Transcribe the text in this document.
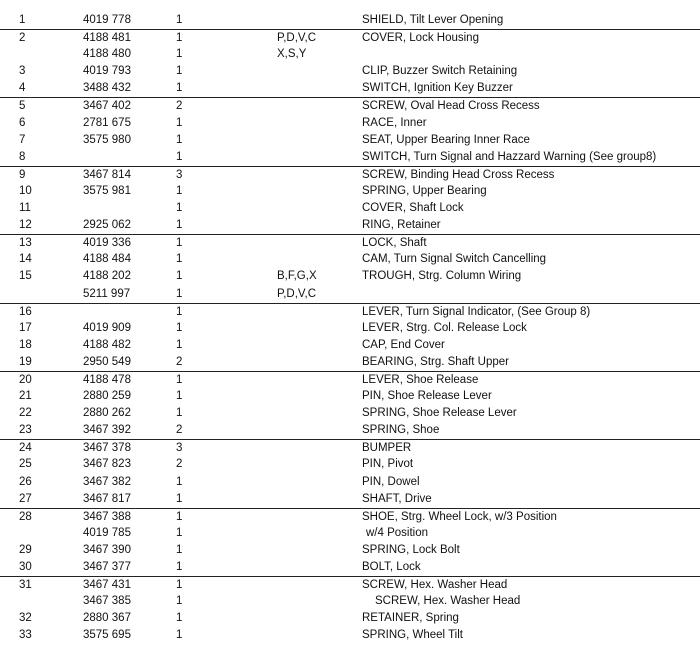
1	4019 778	1	SHIELD, Tilt Lever Opening
2	4188 481	1	P,D,V,C	COVER, Lock Housing
4188 480	1	X,S,Y
3	4019 793	1	CLIP, Buzzer Switch Retaining
4	3488 432	1	SWITCH, Ignition Key Buzzer
5	3467 402	2	SCREW, Oval Head Cross Recess
6	2781 675	1	RACE, Inner
7	3575 980	1	SEAT, Upper Bearing Inner Race
8	1	SWITCH, Turn Signal and Hazzard Warning (See group8)
9	3467 814	3	SCREW, Binding Head Cross Recess
10	3575 981	1	SPRING, Upper Bearing
11	1	COVER, Shaft Lock
12	2925 062	1	RING, Retainer
13	4019 336	1	LOCK, Shaft
14	4188 484	1	CAM, Turn Signal Switch Cancelling
15	4188 202	1	B,F,G,X	TROUGH, Strg. Column Wiring
5211 997	1	P,D,V,C
16	1	LEVER, Turn Signal Indicator, (See Group 8)
17	4019 909	1	LEVER, Strg. Col. Release Lock
18	4188 482	1	CAP, End Cover
19	2950 549	2	BEARING, Strg. Shaft Upper
20	4188 478	1	LEVER, Shoe Release
21	2880 259	1	PIN, Shoe Release Lever
22	2880 262	1	SPRING, Shoe Release Lever
23	3467 392	2	SPRING, Shoe
24	3467 378	3	BUMPER
25	3467 823	2	PIN, Pivot
26	3467 382	1	PIN, Dowel
27	3467 817	1	SHAFT, Drive
28	3467 388	1	SHOE, Strg. Wheel Lock, w/3 Position
4019 785	1	w/4 Position
29	3467 390	1	SPRING, Lock Bolt
30	3467 377	1	BOLT, Lock
31	3467 431	1	SCREW, Hex. Washer Head
3467 385	1	SCREW, Hex. Washer Head
32	2880 367	1	RETAINER, Spring
33	3575 695	1	SPRING, Wheel Tilt
